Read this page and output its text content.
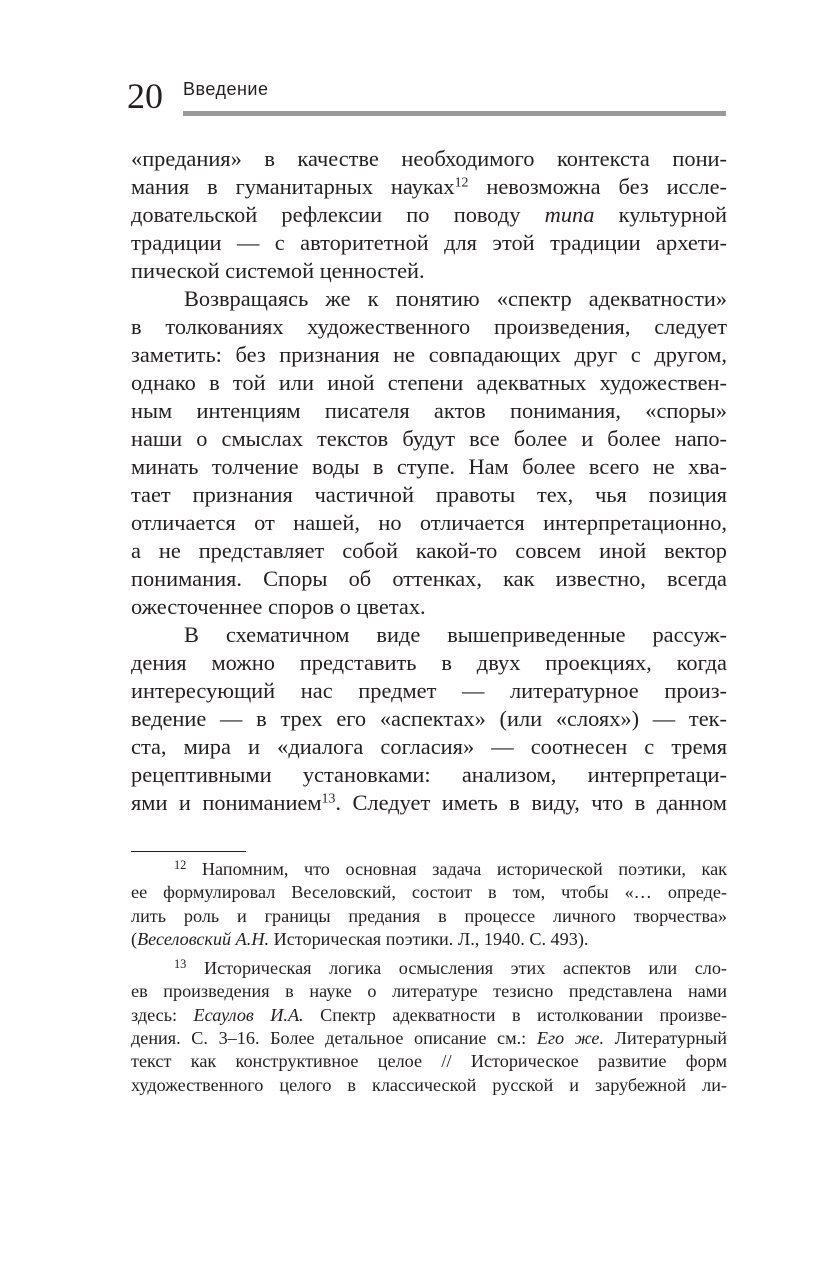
20 Введение
«предания» в качестве необходимого контекста пони-
мания в гуманитарных науках$^{12}$ невозможна без иссле-
довательской рефлексии по поводу типа культурной
традиции — с авторитетной для этой традиции архети-
пической системой ценностей.
Возвращаясь же к понятию «спектр адекватности»
в толкованиях художественного произведения, следует
заметить: без признания не совпадающих друг с другом,
однако в той или иной степени адекватных художествен-
ным интенциям писателя актов понимания, «споры»
наши о смыслах текстов будут все более и более напо-
минать толчение воды в ступе. Нам более всего не хва-
тает признания частичной правоты тех, чья позиция
отличается от нашей, но отличается интерпретационно,
а не представляет собой какой-то совсем иной вектор
понимания. Споры об оттенках, как известно, всегда
ожесточеннее споров о цветах.
В схематичном виде вышеприведенные рассуж-
дения можно представить в двух проекциях, когда
интересующий нас предмет — литературное произ-
ведение — в трех его «аспектах» (или «слоях») — тек-
ста, мира и «диалога согласия» — соотнесен с тремя
рецептивными установками: анализом, интерпретаци-
ями и пониманием$^{13}$. Следует иметь в виду, что в данном
$^{12}$ Напомним, что основная задача исторической поэтики, как
ее формулировал Веселовский, состоит в том, чтобы «… опреде-
лить роль и границы предания в процессе личного творчества»
(Веселовский А.Н. Историческая поэтики. Л., 1940. С. 493).
$^{13}$ Историческая логика осмысления этих аспектов или сло-
ев произведения в науке о литературе тезисно представлена нами
здесь: Есаулов И.А. Спектр адекватности в истолковании произве-
дения. С. 3–16. Более детальное описание см.: Его же. Литературный
текст как конструктивное целое // Историческое развитие форм
художественного целого в классической русской и зарубежной ли-
